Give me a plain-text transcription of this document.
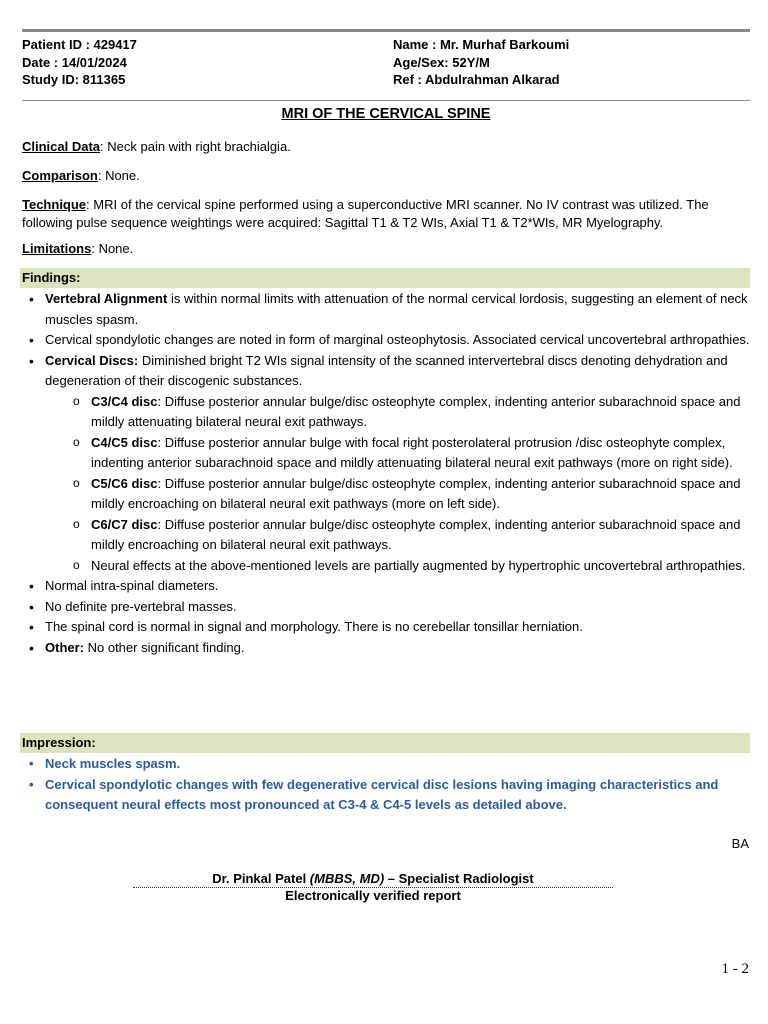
Patient ID : 429417
Date : 14/01/2024
Study ID: 811365
Name : Mr. Murhaf Barkoumi
Age/Sex: 52Y/M
Ref : Abdulrahman Alkarad
MRI OF THE CERVICAL SPINE
Clinical Data: Neck pain with right brachialgia.
Comparison: None.
Technique: MRI of the cervical spine performed using a superconductive MRI scanner. No IV contrast was utilized. The following pulse sequence weightings were acquired: Sagittal T1 & T2 WIs, Axial T1 & T2*WIs, MR Myelography.
Limitations: None.
Findings:
• Vertebral Alignment is within normal limits with attenuation of the normal cervical lordosis, suggesting an element of neck muscles spasm.
• Cervical spondylotic changes are noted in form of marginal osteophytosis. Associated cervical uncovertebral arthropathies.
• Cervical Discs: Diminished bright T2 WIs signal intensity of the scanned intervertebral discs denoting dehydration and degeneration of their discogenic substances.
o C3/C4 disc: Diffuse posterior annular bulge/disc osteophyte complex, indenting anterior subarachnoid space and mildly attenuating bilateral neural exit pathways.
o C4/C5 disc: Diffuse posterior annular bulge with focal right posterolateral protrusion /disc osteophyte complex, indenting anterior subarachnoid space and mildly attenuating bilateral neural exit pathways (more on right side).
o C5/C6 disc: Diffuse posterior annular bulge/disc osteophyte complex, indenting anterior subarachnoid space and mildly encroaching on bilateral neural exit pathways (more on left side).
o C6/C7 disc: Diffuse posterior annular bulge/disc osteophyte complex, indenting anterior subarachnoid space and mildly encroaching on bilateral neural exit pathways.
o Neural effects at the above-mentioned levels are partially augmented by hypertrophic uncovertebral arthropathies.
• Normal intra-spinal diameters.
• No definite pre-vertebral masses.
• The spinal cord is normal in signal and morphology. There is no cerebellar tonsillar herniation.
• Other: No other significant finding.
Impression:
• Neck muscles spasm.
• Cervical spondylotic changes with few degenerative cervical disc lesions having imaging characteristics and consequent neural effects most pronounced at C3-4 & C4-5 levels as detailed above.
BA
Dr. Pinkal Patel (MBBS, MD) – Specialist Radiologist
Electronically verified report
1 - 2
